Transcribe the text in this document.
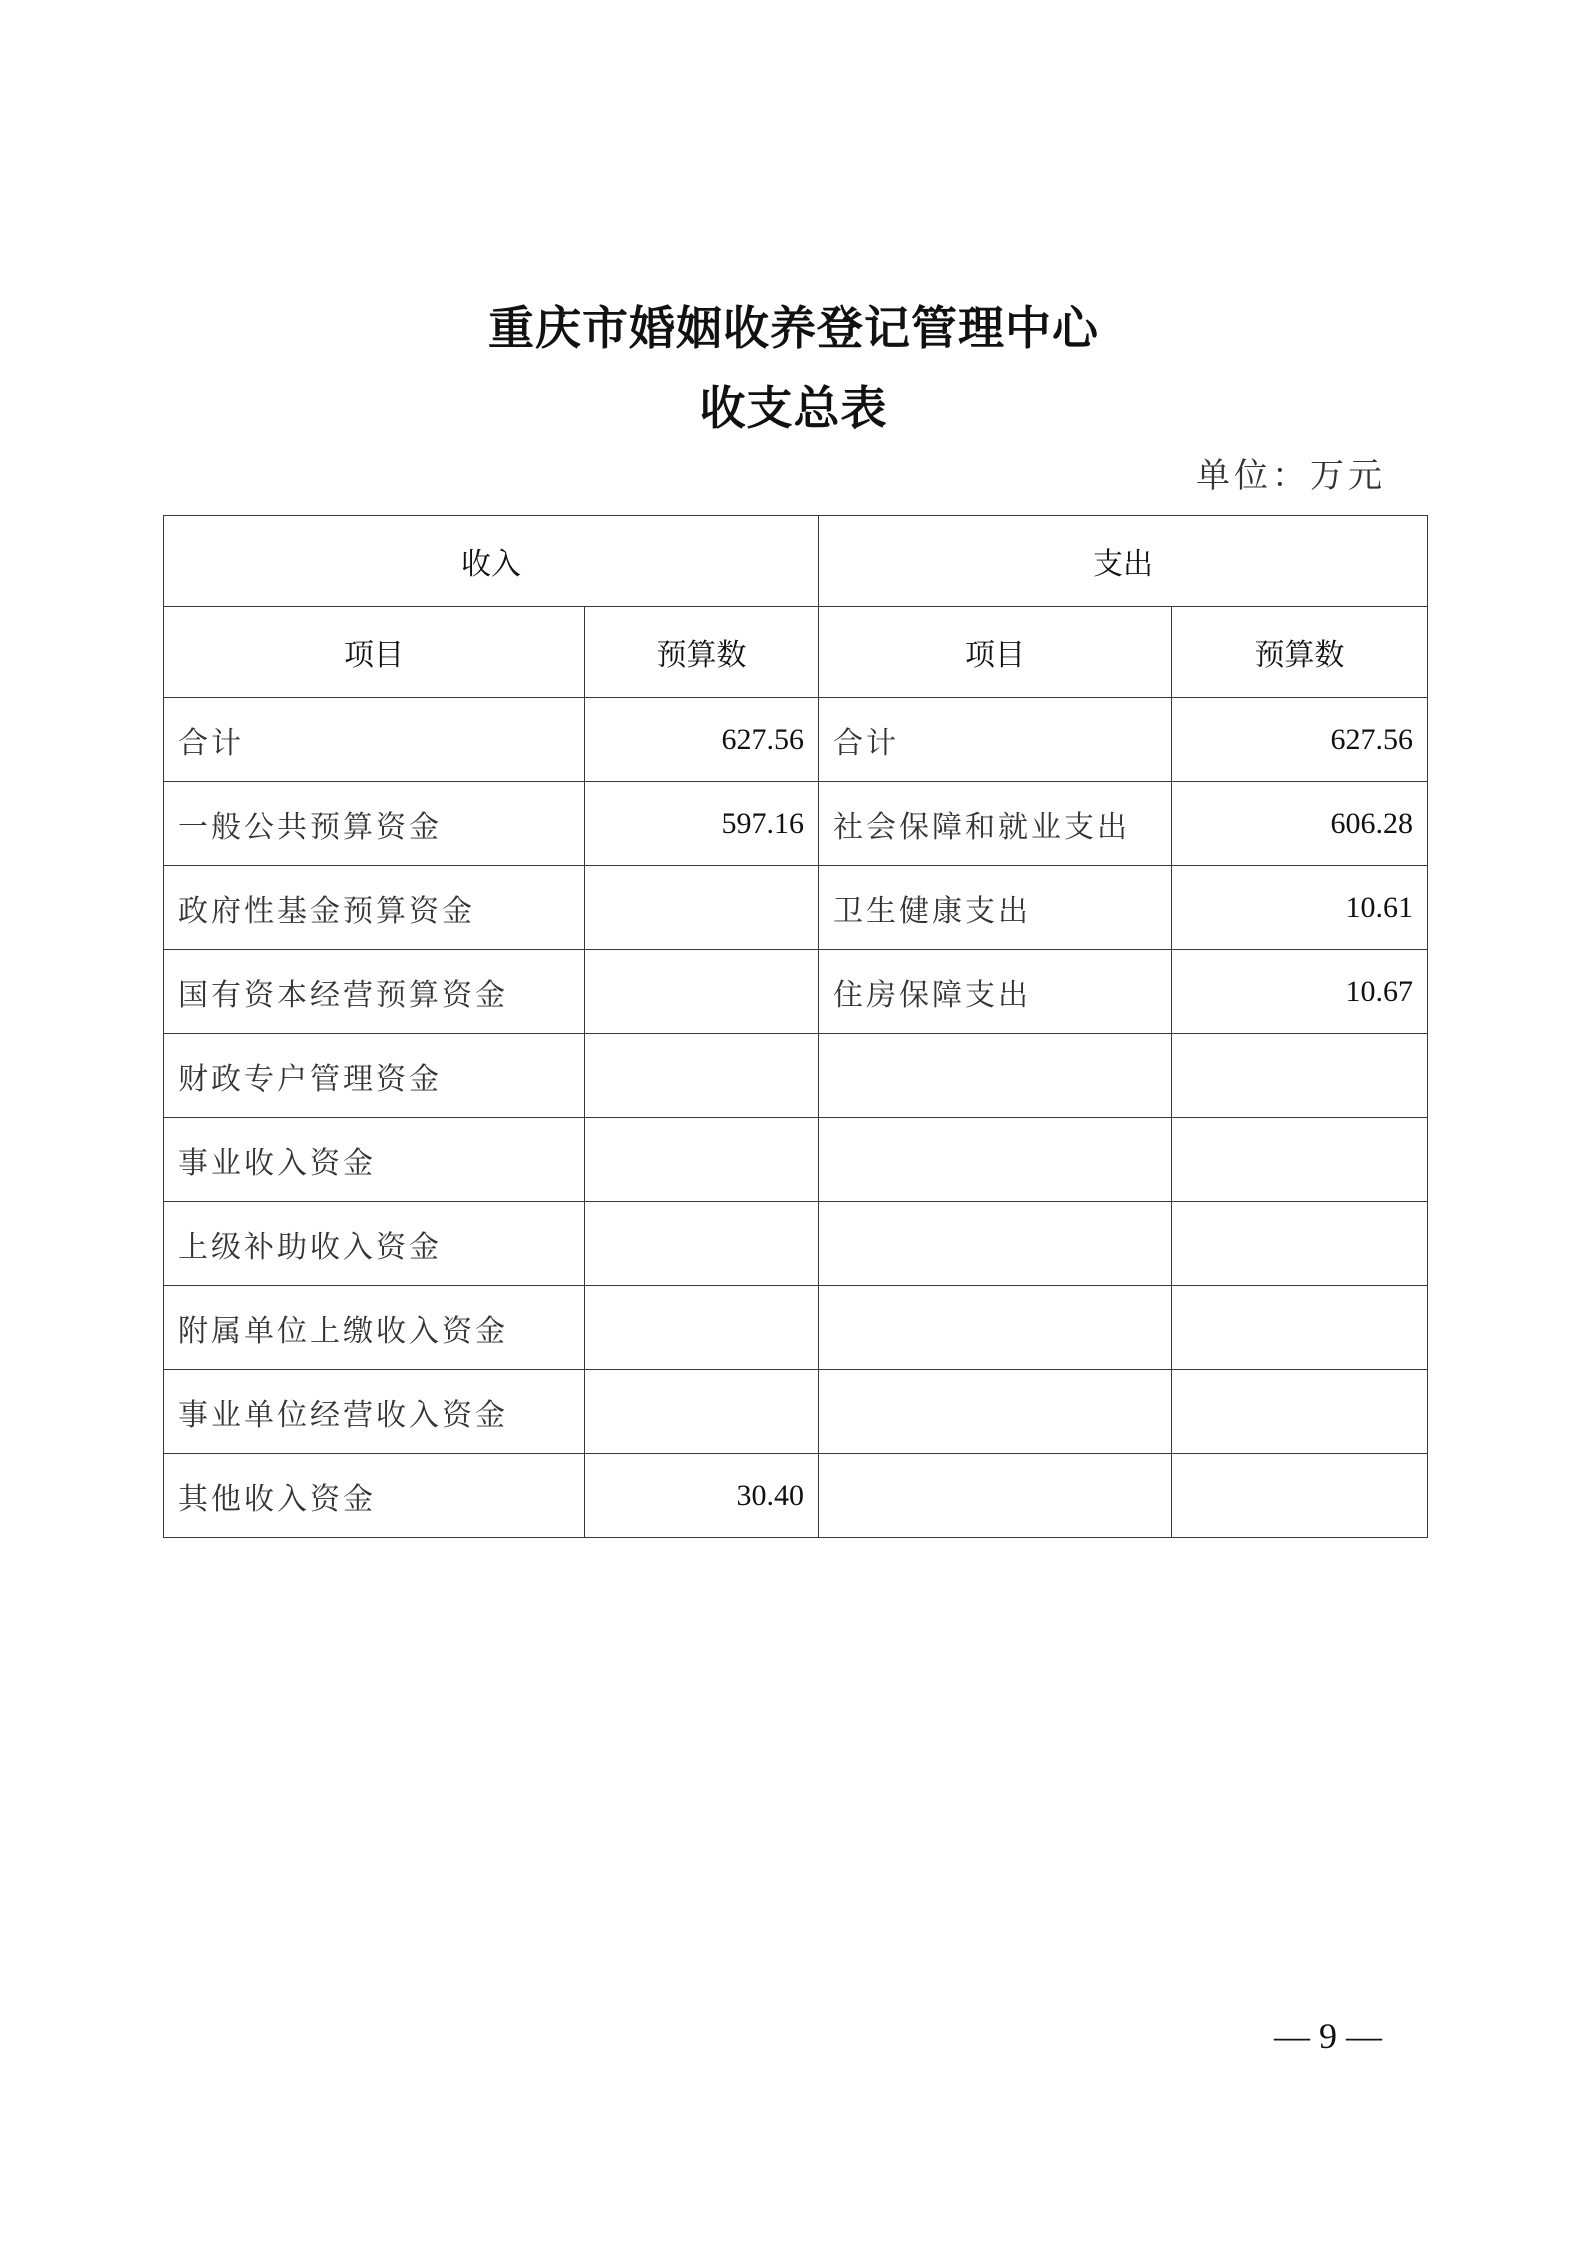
重庆市婚姻收养登记管理中心
收支总表
单位：万元
收入		支出	
项目	预算数	项目	预算数
合计	627.56	合计	627.56
一般公共预算资金	597.16	社会保障和就业支出	606.28
政府性基金预算资金		卫生健康支出	10.61
国有资本经营预算资金		住房保障支出	10.67
财政专户管理资金			
事业收入资金			
上级补助收入资金			
附属单位上缴收入资金			
事业单位经营收入资金			
其他收入资金	30.40		
— 9 —
